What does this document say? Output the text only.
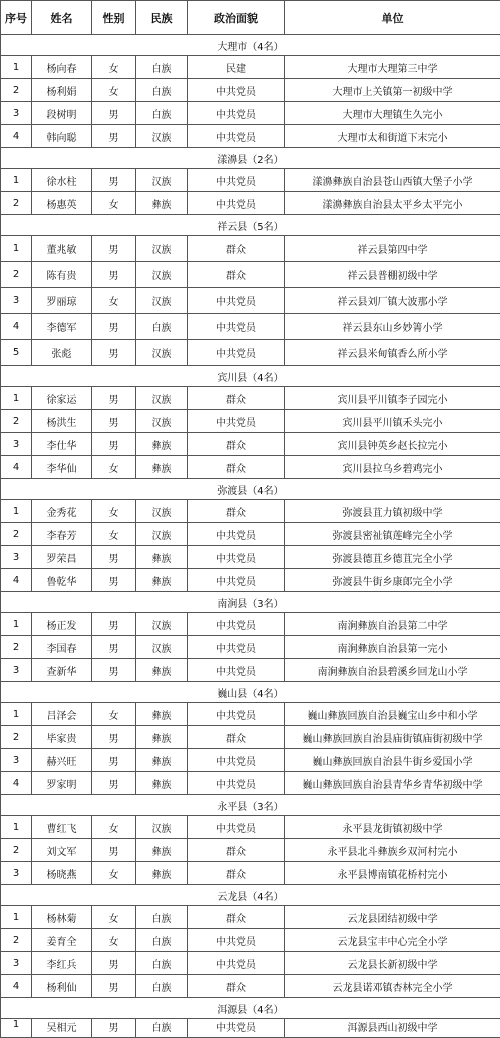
序号	姓名	性别	民族	政治面貌	单位
大理市（4名）					
1	杨向春	女	白族	民建	大理市大理第三中学
2	杨利娟	女	白族	中共党员	大理市上关镇第一初级中学
3	段树明	男	白族	中共党员	大理市大理镇生久完小
4	韩向聪	男	汉族	中共党员	大理市太和街道下末完小
漾濞县（2名）					
1	徐水柱	男	汉族	中共党员	漾濞彝族自治县苍山西镇大堡子小学
2	杨惠英	女	彝族	中共党员	漾濞彝族自治县太平乡太平完小
祥云县（5名）					
1	董兆敏	男	汉族	群众	祥云县第四中学
2	陈有贵	男	汉族	群众	祥云县普棚初级中学
3	罗丽琼	女	汉族	中共党员	祥云县刘厂镇大波那小学
4	李德军	男	白族	中共党员	祥云县东山乡妙箐小学
5	张彪	男	汉族	中共党员	祥云县米甸镇香么所小学
宾川县（4名）					
1	徐家运	男	汉族	群众	宾川县平川镇李子园完小
2	杨洪生	男	汉族	中共党员	宾川县平川镇禾头完小
3	李仕华	男	彝族	群众	宾川县钟英乡赵长拉完小
4	李华仙	女	彝族	群众	宾川县拉乌乡碧鸡完小
弥渡县（4名）					
1	金秀花	女	汉族	群众	弥渡县苴力镇初级中学
2	李春芳	女	汉族	中共党员	弥渡县密祉镇莲峰完全小学
3	罗荣昌	男	彝族	中共党员	弥渡县德苴乡德苴完全小学
4	鲁乾华	男	彝族	中共党员	弥渡县牛街乡康郎完全小学
南涧县（3名）					
1	杨正发	男	汉族	中共党员	南涧彝族自治县第二中学
2	李国春	男	汉族	中共党员	南涧彝族自治县第一完小
3	查新华	男	彝族	中共党员	南涧彝族自治县碧溪乡回龙山小学
巍山县（4名）					
1	吕泽会	女	彝族	中共党员	巍山彝族回族自治县巍宝山乡中和小学
2	毕家贵	男	彝族	群众	巍山彝族回族自治县庙街镇庙街初级中学
3	赫兴旺	男	彝族	中共党员	巍山彝族回族自治县牛街乡爱国小学
4	罗家明	男	彝族	中共党员	巍山彝族回族自治县青华乡青华初级中学
永平县（3名）					
1	曹红飞	女	汉族	中共党员	永平县龙街镇初级中学
2	刘文军	男	彝族	群众	永平县北斗彝族乡双河村完小
3	杨晓燕	女	彝族	群众	永平县博南镇花桥村完小
云龙县（4名）					
1	杨林菊	女	白族	群众	云龙县团结初级中学
2	姜育全	女	白族	中共党员	云龙县宝丰中心完全小学
3	李红兵	男	白族	中共党员	云龙县长新初级中学
4	杨利仙	男	白族	群众	云龙县诺邓镇杏林完全小学
洱源县（4名）					
1	吴相元	男	白族	中共党员	洱源县西山初级中学
